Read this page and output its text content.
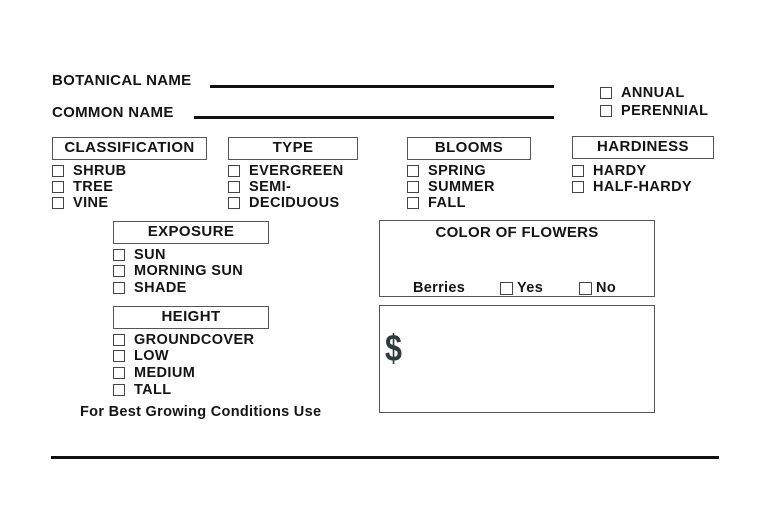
BOTANICAL NAME
COMMON NAME
ANNUAL
PERENNIAL
CLASSIFICATION
SHRUB
TREE
VINE
TYPE
EVERGREEN
SEMI-
DECIDUOUS
BLOOMS
SPRING
SUMMER
FALL
HARDINESS
HARDY
HALF-HARDY
EXPOSURE
SUN
MORNING SUN
SHADE
HEIGHT
GROUNDCOVER
LOW
MEDIUM
TALL
For Best Growing Conditions Use
COLOR OF FLOWERS
Berries	Yes	No
$
